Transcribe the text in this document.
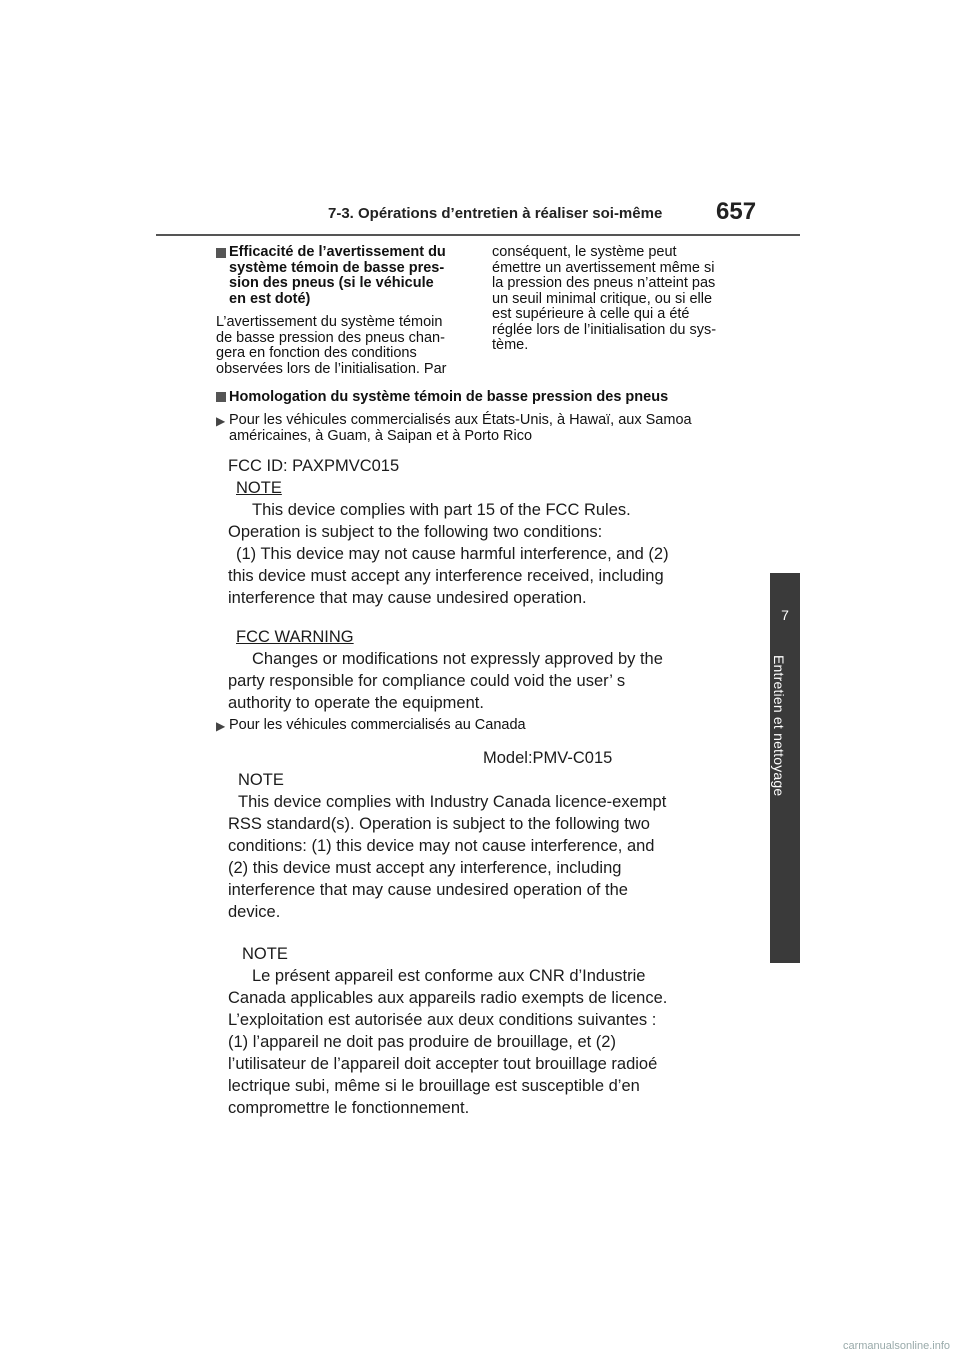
7-3. Opérations d’entretien à réaliser soi-même 657
7
Entretien et nettoyage
Efficacité de l’avertissement du
système témoin de basse pres-
sion des pneus (si le véhicule
en est doté)
L’avertissement du système témoin
de basse pression des pneus chan-
gera en fonction des conditions
observées lors de l’initialisation. Par
conséquent, le système peut
émettre un avertissement même si
la pression des pneus n’atteint pas
un seuil minimal critique, ou si elle
est supérieure à celle qui a été
réglée lors de l’initialisation du sys-
tème.
Homologation du système témoin de basse pression des pneus
▶ Pour les véhicules commercialisés aux États-Unis, à Hawaï, aux Samoa
américaines, à Guam, à Saipan et à Porto Rico

FCC ID: PAXPMVC015

NOTE

This device complies with part 15 of the FCC Rules.

Operation is subject to the following two conditions:

(1) This device may not cause harmful interference, and (2)

this device must accept any interference received, including

interference that may cause undesired operation.

FCC WARNING

Changes or modifications not expressly approved by the

party responsible for compliance could void the user’ s

authority to operate the equipment.

▶ Pour les véhicules commercialisés au Canada

Model:PMV-C015

NOTE

This device complies with Industry Canada licence-exempt

RSS standard(s). Operation is subject to the following two

conditions: (1) this device may not cause interference, and

(2) this device must accept any interference, including

interference that may cause undesired operation of the

device.

NOTE

Le présent appareil est conforme aux CNR d’Industrie

Canada applicables aux appareils radio exempts de licence.

L’exploitation est autorisée aux deux conditions suivantes :

(1) l’appareil ne doit pas produire de brouillage, et (2)

l’utilisateur de l’appareil doit accepter tout brouillage radioé

lectrique subi, même si le brouillage est susceptible d’en

compromettre le fonctionnement.

carmanualsonline.info
